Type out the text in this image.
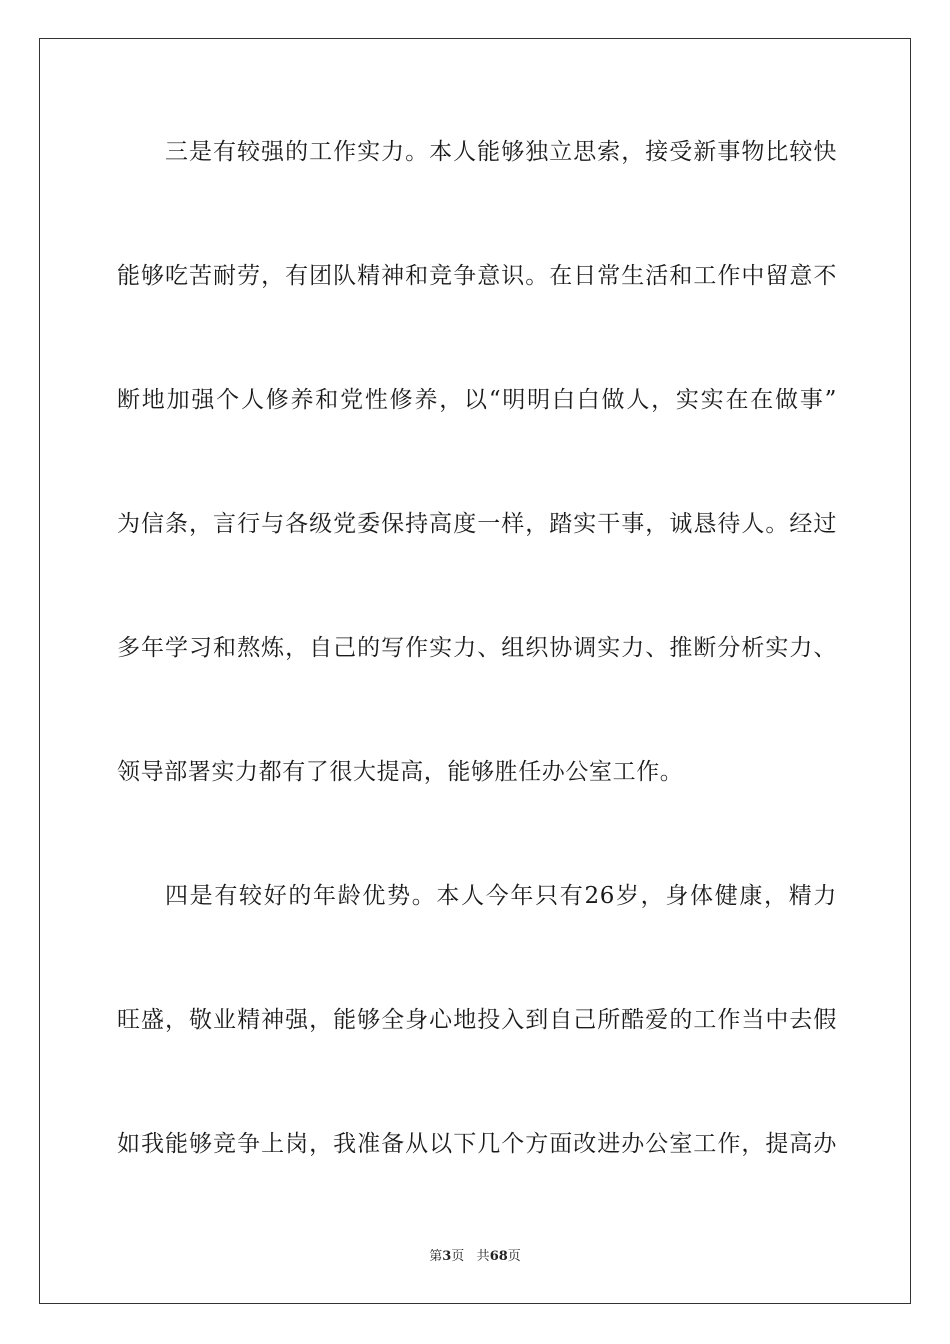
三是有较强的工作实力。本人能够独立思索，接受新事物比较快
能够吃苦耐劳，有团队精神和竞争意识。在日常生活和工作中留意不
断地加强个人修养和党性修养，以“明明白白做人，实实在在做事”
为信条，言行与各级党委保持高度一样，踏实干事，诚恳待人。经过
多年学习和熬炼，自己的写作实力、组织协调实力、推断分析实力、
领导部署实力都有了很大提高，能够胜任办公室工作。
四是有较好的年龄优势。本人今年只有26岁，身体健康，精力
旺盛，敬业精神强，能够全身心地投入到自己所酷爱的工作当中去假
如我能够竞争上岗，我准备从以下几个方面改进办公室工作，提高办
第3页 共68页
